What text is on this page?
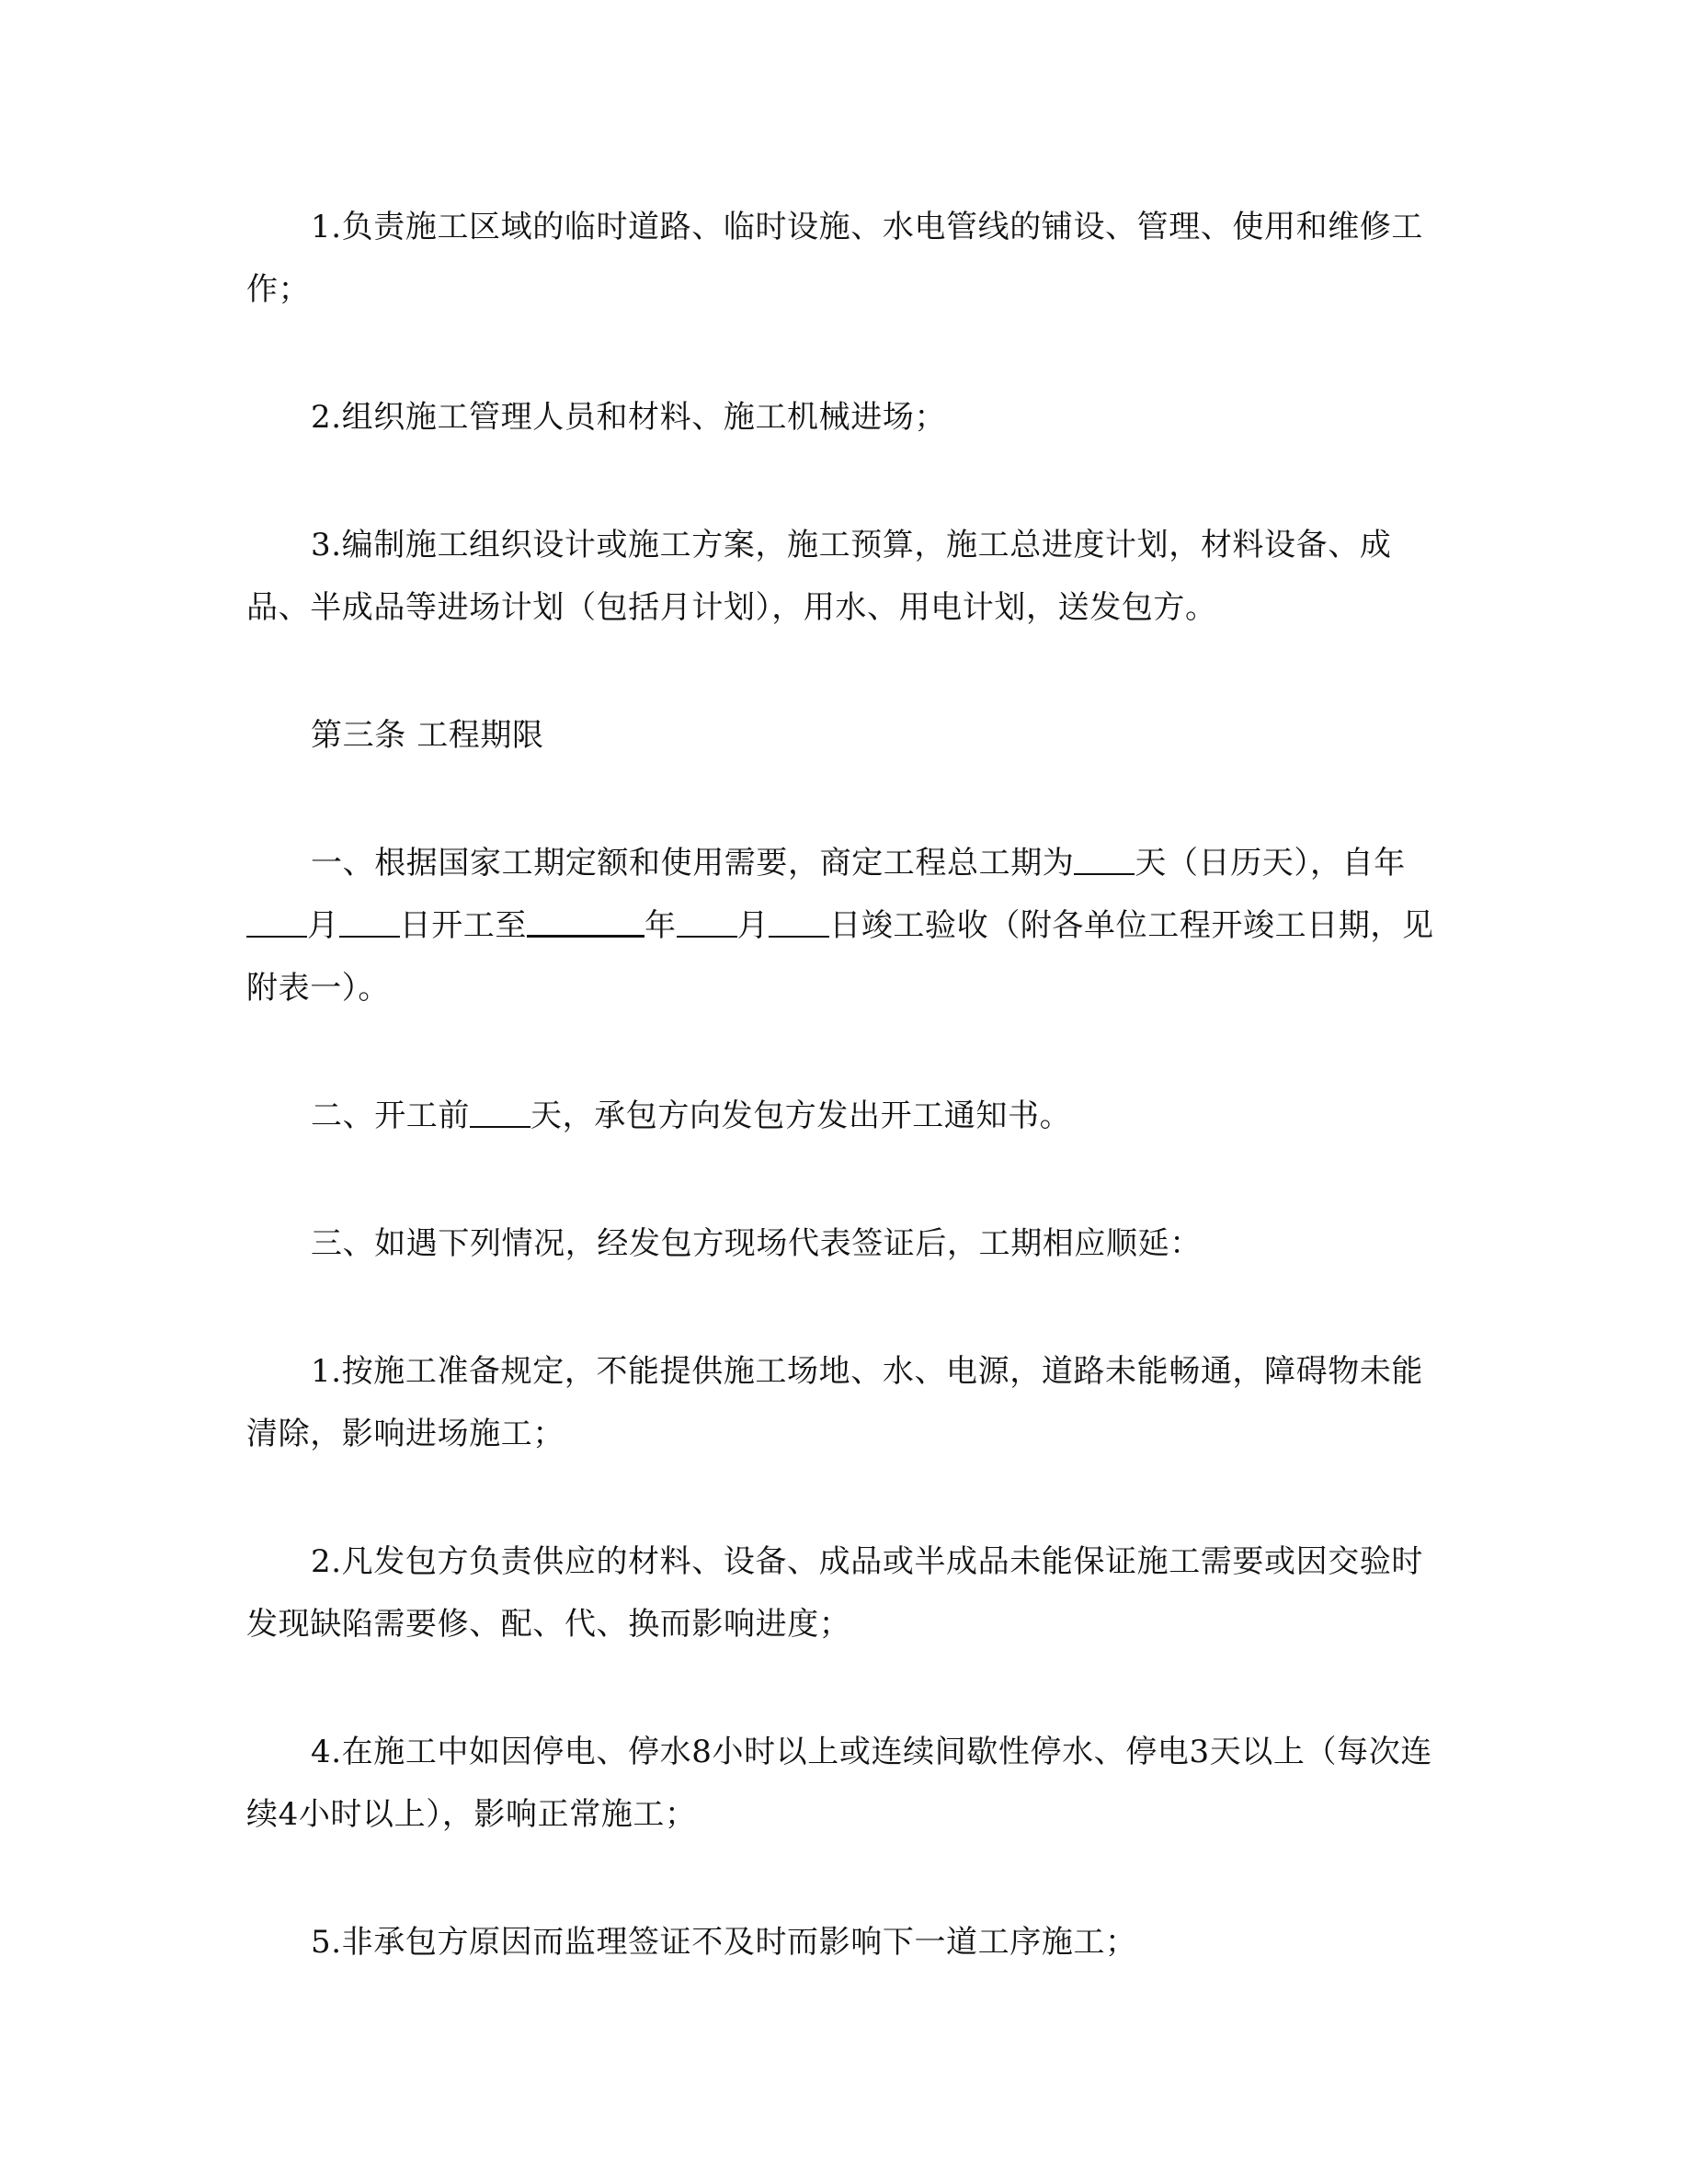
1.负责施工区域的临时道路、临时设施、水电管线的铺设、管理、使用和维修工作；

2.组织施工管理人员和材料、施工机械进场；

3.编制施工组织设计或施工方案，施工预算，施工总进度计划，材料设备、成品、半成品等进场计划（包括月计划），用水、用电计划，送发包方。

第三条 工程期限

一、根据国家工期定额和使用需要，商定工程总工期为 天（日历天），自年月 日开工至	年 月 日竣工验收（附各单位工程开竣工日期，见附表一）。

二、开工前 天，承包方向发包方发出开工通知书。

三、如遇下列情况，经发包方现场代表签证后，工期相应顺延：

1.按施工准备规定，不能提供施工场地、水、电源，道路未能畅通，障碍物未能清除，影响进场施工；

2.凡发包方负责供应的材料、设备、成品或半成品未能保证施工需要或因交验时发现缺陷需要修、配、代、换而影响进度；

4.在施工中如因停电、停水8小时以上或连续间歇性停水、停电3天以上（每次连续4小时以上），影响正常施工；

5.非承包方原因而监理签证不及时而影响下一道工序施工；
